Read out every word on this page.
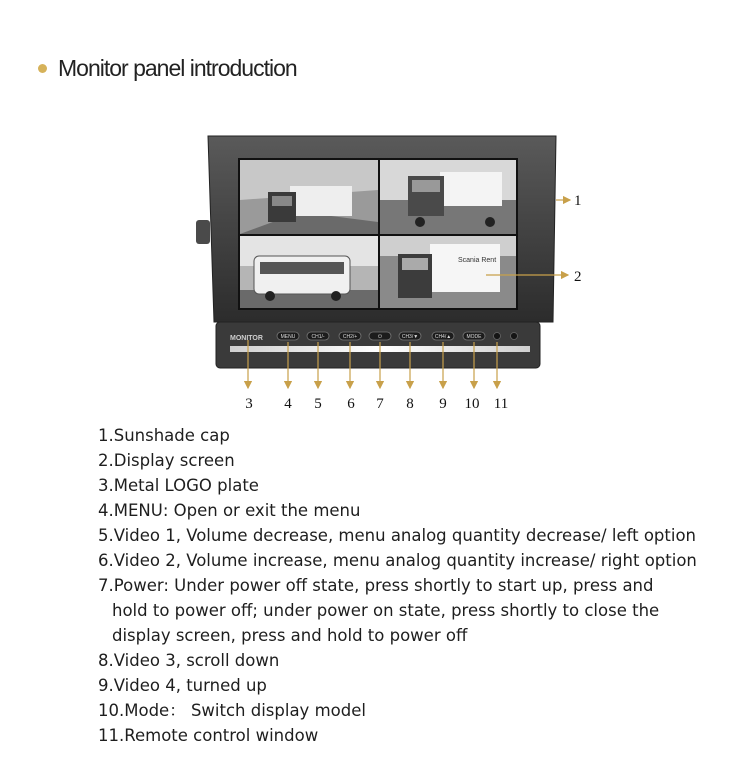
Monitor panel introduction
Scania Rent
MONITOR	MENU	CH1/-	CH2/+	⏻	CH3/▼	CH4/▲	MODE
1
2
3 4 5 6 7 8 9 10 11
1.Sunshade cap
2.Display screen
3.Metal LOGO plate
4.MENU: Open or exit the menu
5.Video 1, Volume decrease, menu analog quantity decrease/ left option
6.Video 2, Volume increase, menu analog quantity increase/ right option
7.Power: Under power off state, press shortly to start up, press and
hold to power off; under power on state, press shortly to close the
display screen, press and hold to power off
8.Video 3, scroll down
9.Video 4, turned up
10.Mode： Switch display model
11.Remote control window
